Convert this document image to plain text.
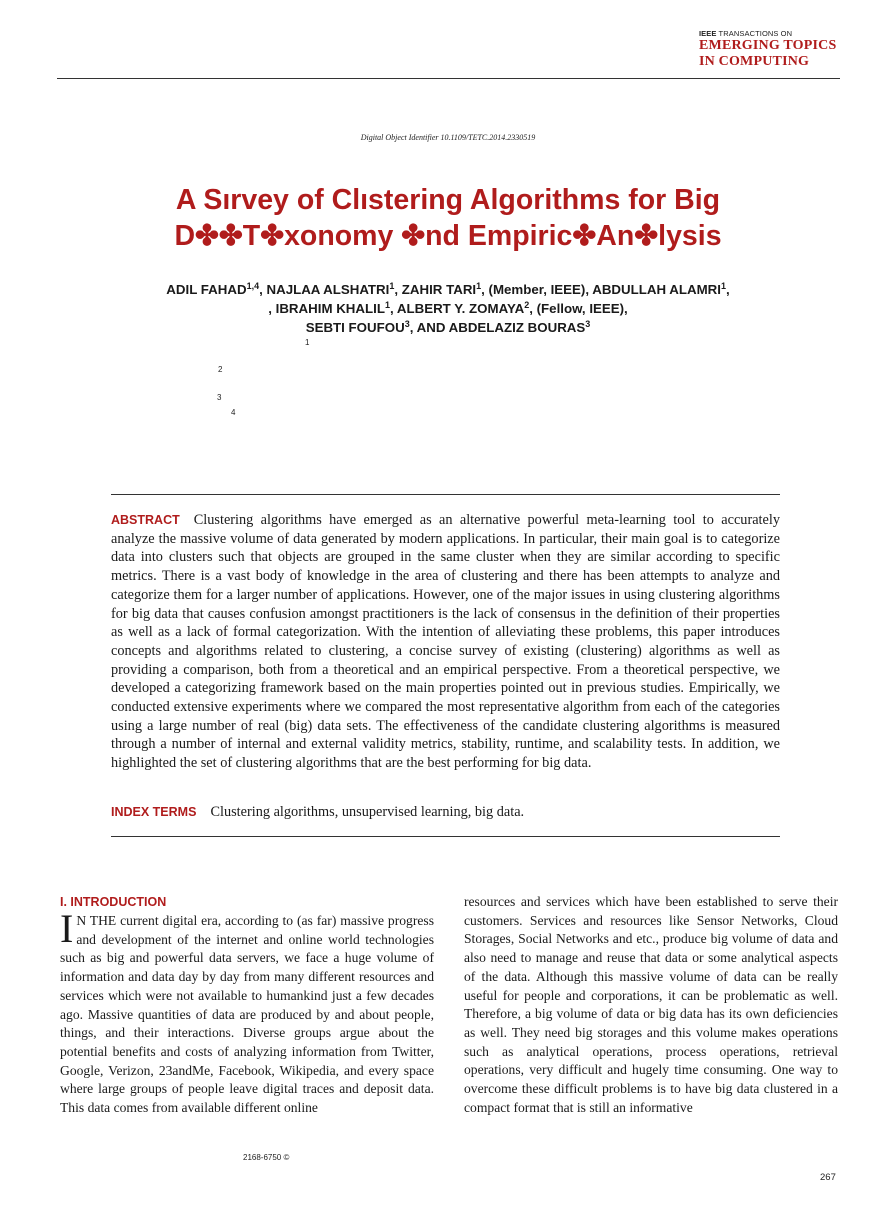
IEEE TRANSACTIONS ON
EMERGING TOPICS
IN COMPUTING
Digital Object Identifier 10.1109/TETC.2014.2330519
A Sırvey of Clıstering Algorithms for Big
D✤✤T✤xonomy ✤nd Empiric✤An✤lysis
ADIL FAHAD$^{1,4}$, NAJLAA ALSHATRI$^1$, ZAHIR TARI$^1$, (Member, IEEE), ABDULLAH ALAMRI$^1$,
, IBRAHIM KHALIL$^1$, ALBERT Y. ZOMAYA$^2$, (Fellow, IEEE),
SEBTI FOUFOU$^3$, AND ABDELAZIZ BOURAS$^3$
1
2
3
4
ABSTRACT Clustering algorithms have emerged as an alternative powerful meta-learning tool to accurately analyze the massive volume of data generated by modern applications. In particular, their main goal is to categorize data into clusters such that objects are grouped in the same cluster when they are similar according to specific metrics. There is a vast body of knowledge in the area of clustering and there has been attempts to analyze and categorize them for a larger number of applications. However, one of the major issues in using clustering algorithms for big data that causes confusion amongst practitioners is the lack of consensus in the definition of their properties as well as a lack of formal categorization. With the intention of alleviating these problems, this paper introduces concepts and algorithms related to clustering, a concise survey of existing (clustering) algorithms as well as providing a comparison, both from a theoretical and an empirical perspective. From a theoretical perspective, we developed a categorizing framework based on the main properties pointed out in previous studies. Empirically, we conducted extensive experiments where we compared the most representative algorithm from each of the categories using a large number of real (big) data sets. The effectiveness of the candidate clustering algorithms is measured through a number of internal and external validity metrics, stability, runtime, and scalability tests. In addition, we highlighted the set of clustering algorithms that are the best performing for big data.
INDEX TERMS Clustering algorithms, unsupervised learning, big data.
I. INTRODUCTION
I N THE current digital era, according to (as far) massive progress and development of the internet and online world technologies such as big and powerful data servers, we face a huge volume of information and data day by day from many different resources and services which were not available to humankind just a few decades ago. Massive quantities of data are produced by and about people, things, and their interactions. Diverse groups argue about the potential benefits and costs of analyzing information from Twitter, Google, Verizon, 23andMe, Facebook, Wikipedia, and every space where large groups of people leave digital traces and deposit data. This data comes from available different online
resources and services which have been established to serve their customers. Services and resources like Sensor Networks, Cloud Storages, Social Networks and etc., produce big volume of data and also need to manage and reuse that data or some analytical aspects of the data. Although this massive volume of data can be really useful for people and corporations, it can be problematic as well. Therefore, a big volume of data or big data has its own deficiencies as well. They need big storages and this volume makes operations such as analytical operations, process operations, retrieval operations, very difficult and hugely time consuming. One way to overcome these difficult problems is to have big data clustered in a compact format that is still an informative
2168-6750 ©
267
